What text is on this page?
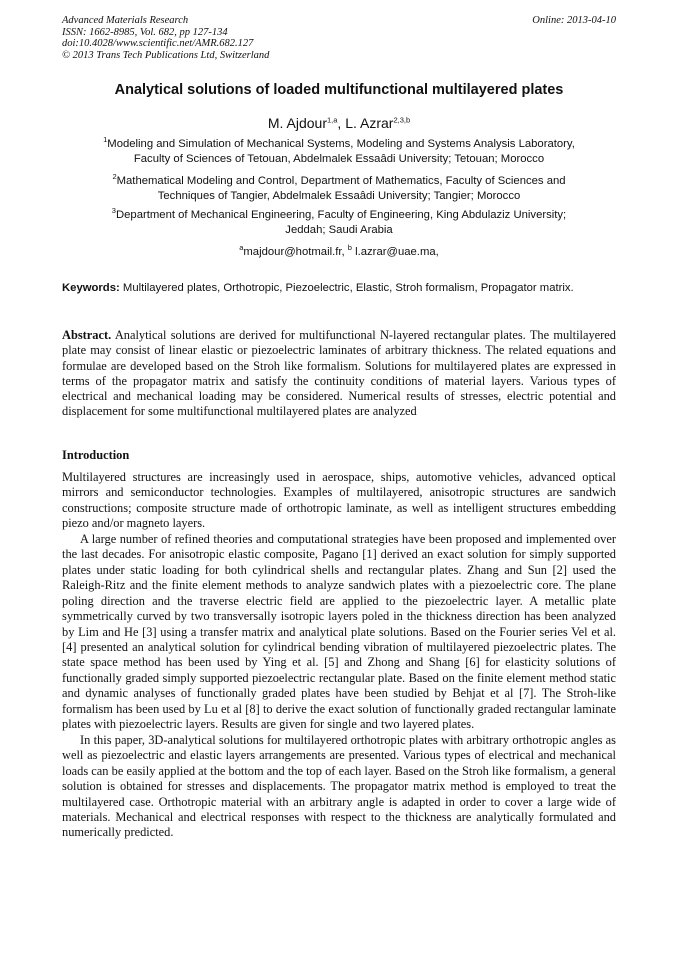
Advanced Materials Research
ISSN: 1662-8985, Vol. 682, pp 127-134
doi:10.4028/www.scientific.net/AMR.682.127
© 2013 Trans Tech Publications Ltd, Switzerland
Online: 2013-04-10
Analytical solutions of loaded multifunctional multilayered plates
M. Ajdour$^{1,a}$, L. Azrar$^{2,3,b}$
$^1$Modeling and Simulation of Mechanical Systems, Modeling and Systems Analysis Laboratory,
Faculty of Sciences of Tetouan, Abdelmalek Essaâdi University; Tetouan; Morocco
$^2$Mathematical Modeling and Control, Department of Mathematics, Faculty of Sciences and
Techniques of Tangier, Abdelmalek Essaâdi University; Tangier; Morocco
$^3$Department of Mechanical Engineering, Faculty of Engineering, King Abdulaziz University;
Jeddah; Saudi Arabia
$^a$majdour@hotmail.fr, $^b$ l.azrar@uae.ma,
Keywords: Multilayered plates, Orthotropic, Piezoelectric, Elastic, Stroh formalism, Propagator matrix.
Abstract. Analytical solutions are derived for multifunctional N-layered rectangular plates. The multilayered plate may consist of linear elastic or piezoelectric laminates of arbitrary thickness. The related equations and formulae are developed based on the Stroh like formalism. Solutions for multilayered plates are expressed in terms of the propagator matrix and satisfy the continuity conditions of material layers. Various types of electrical and mechanical loading may be considered. Numerical results of stresses, electric potential and displacement for some multifunctional multilayered plates are analyzed
Introduction

Multilayered structures are increasingly used in aerospace, ships, automotive vehicles, advanced optical mirrors and semiconductor technologies. Examples of multilayered, anisotropic structures are sandwich constructions; composite structure made of orthotropic laminate, as well as intelligent structures embedding piezo and/or magneto layers.

A large number of refined theories and computational strategies have been proposed and implemented over the last decades. For anisotropic elastic composite, Pagano [1] derived an exact solution for simply supported plates under static loading for both cylindrical shells and rectangular plates. Zhang and Sun [2] used the Raleigh-Ritz and the finite element methods to analyze sandwich plates with a piezoelectric core. The plane poling direction and the traverse electric field are applied to the piezoelectric layer. A metallic plate symmetrically curved by two transversally isotropic layers poled in the thickness direction has been analyzed by Lim and He [3] using a transfer matrix and analytical plate solutions. Based on the Fourier series Vel et al. [4] presented an analytical solution for cylindrical bending vibration of multilayered piezoelectric plates. The state space method has been used by Ying et al. [5] and Zhong and Shang [6] for elasticity solutions of functionally graded simply supported piezoelectric rectangular plate. Based on the finite element method static and dynamic analyses of functionally graded plates have been studied by Behjat et al [7]. The Stroh-like formalism has been used by Lu et al [8] to derive the exact solution of functionally graded rectangular laminate plates with piezoelectric layers. Results are given for single and two layered plates.

In this paper, 3D-analytical solutions for multilayered orthotropic plates with arbitrary orthotropic angles as well as piezoelectric and elastic layers arrangements are presented. Various types of electrical and mechanical loads can be easily applied at the bottom and the top of each layer. Based on the Stroh like formalism, a general solution is obtained for stresses and displacements. The propagator matrix method is employed to treat the multilayered case. Orthotropic material with an arbitrary angle is adapted in order to cover a large wide of materials. Mechanical and electrical responses with respect to the thickness are analytically formulated and numerically predicted.
